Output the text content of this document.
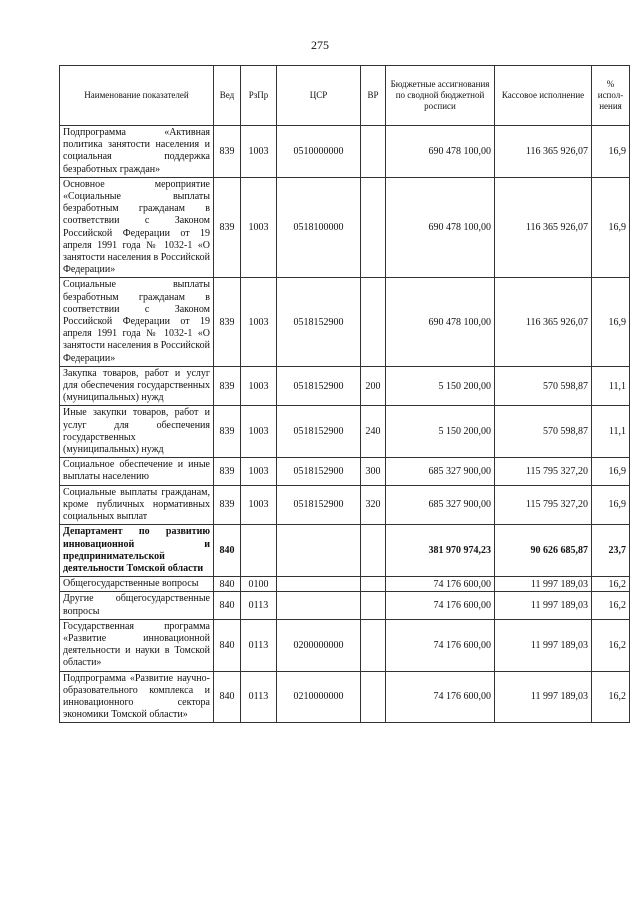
275
Наименование показателей	Вед	РзПр	ЦСР	ВР	Бюджетные ассигнования по сводной бюджетной росписи	Кассовое исполнение	% испол-нения
Подпрограмма «Активная политика занятости населения и социальная поддержка безработных граждан»	839	1003	0510000000		690 478 100,00	116 365 926,07	16,9
Основное мероприятие «Социальные выплаты безработным гражданам в соответствии с Законом Российской Федерации от 19 апреля 1991 года № 1032-1 «О занятости населения в Российской Федерации»	839	1003	0518100000		690 478 100,00	116 365 926,07	16,9
Социальные выплаты безработным гражданам в соответствии с Законом Российской Федерации от 19 апреля 1991 года № 1032-1 «О занятости населения в Российской Федерации»	839	1003	0518152900		690 478 100,00	116 365 926,07	16,9
Закупка товаров, работ и услуг для обеспечения государственных (муниципальных) нужд	839	1003	0518152900	200	5 150 200,00	570 598,87	11,1
Иные закупки товаров, работ и услуг для обеспечения государственных (муниципальных) нужд	839	1003	0518152900	240	5 150 200,00	570 598,87	11,1
Социальное обеспечение и иные выплаты населению	839	1003	0518152900	300	685 327 900,00	115 795 327,20	16,9
Социальные выплаты гражданам, кроме публичных нормативных социальных выплат	839	1003	0518152900	320	685 327 900,00	115 795 327,20	16,9
Департамент по развитию инновационной и предпринимательской деятельности Томской области	840				381 970 974,23	90 626 685,87	23,7
Общегосударственные вопросы	840	0100			74 176 600,00	11 997 189,03	16,2
Другие общегосударственные вопросы	840	0113			74 176 600,00	11 997 189,03	16,2
Государственная программа «Развитие инновационной деятельности и науки в Томской области»	840	0113	0200000000		74 176 600,00	11 997 189,03	16,2
Подпрограмма «Развитие научно-образовательного комплекса и инновационного сектора экономики Томской области»	840	0113	0210000000		74 176 600,00	11 997 189,03	16,2
